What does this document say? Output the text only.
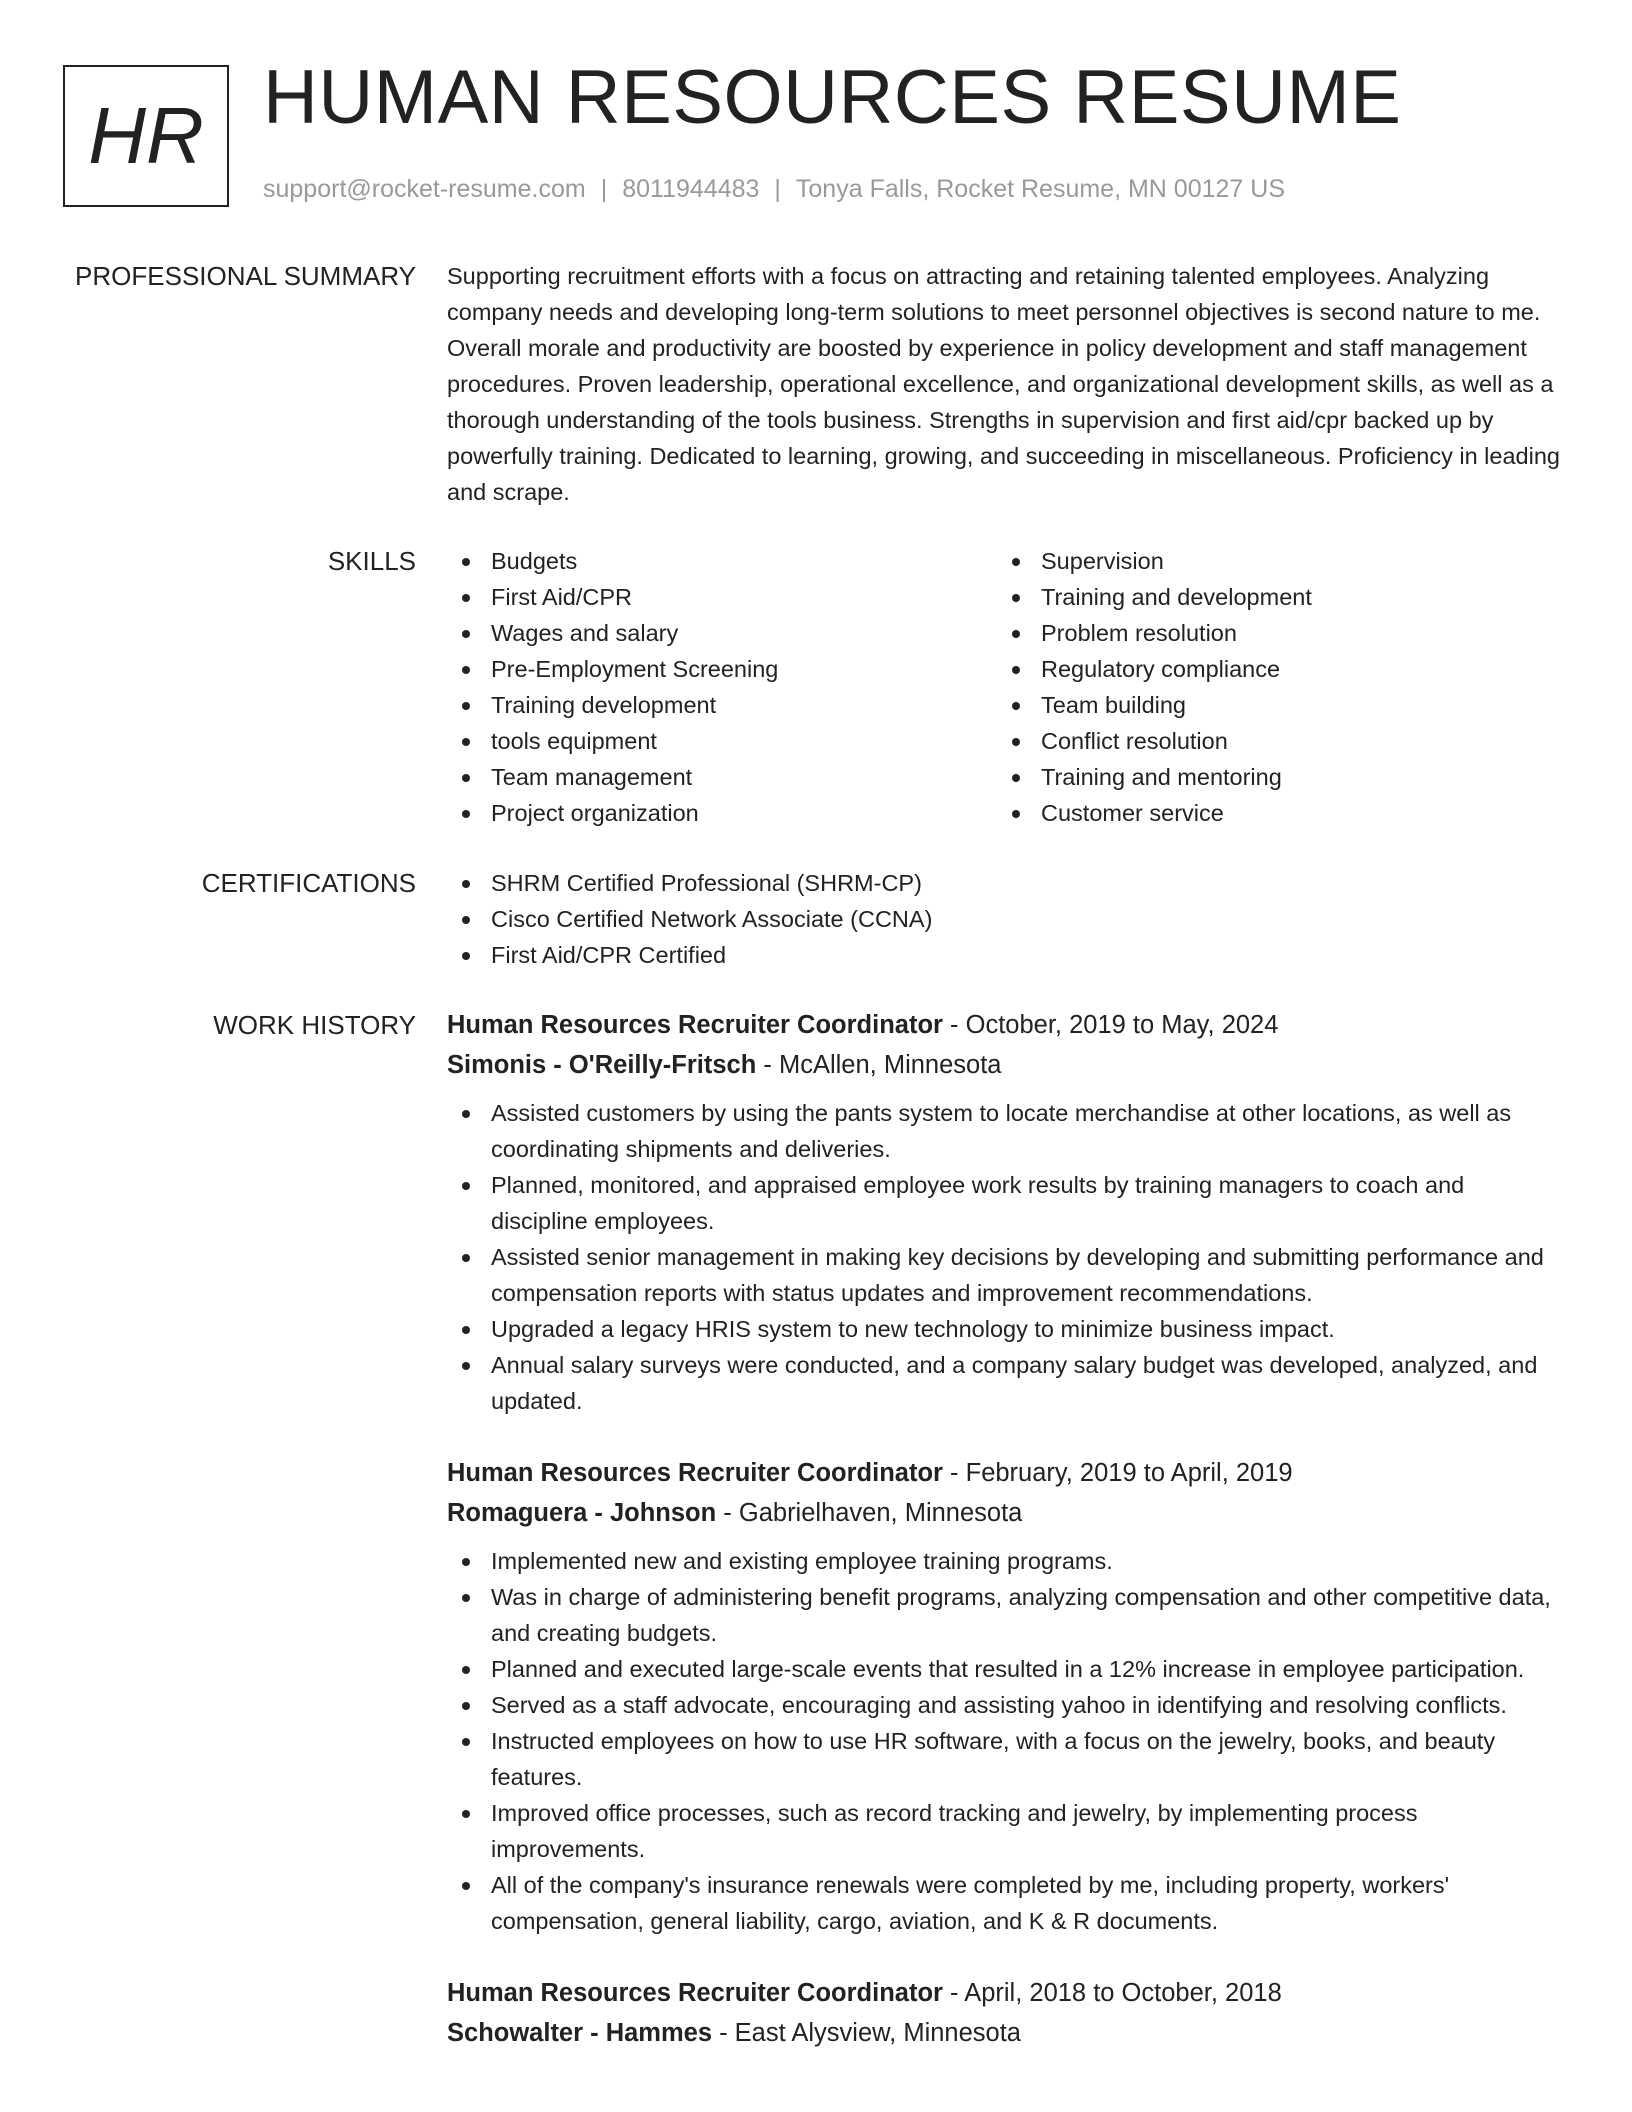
HR HUMAN RESOURCES RESUME
support@rocket-resume.com | 8011944483 | Tonya Falls, Rocket Resume, MN 00127 US
PROFESSIONAL SUMMARY Supporting recruitment efforts with a focus on attracting and retaining talented employees. Analyzing company needs and developing long-term solutions to meet personnel objectives is second nature to me. Overall morale and productivity are boosted by experience in policy development and staff management procedures. Proven leadership, operational excellence, and organizational development skills, as well as a thorough understanding of the tools business. Strengths in supervision and first aid/cpr backed up by powerfully training. Dedicated to learning, growing, and succeeding in miscellaneous. Proficiency in leading and scrape.

SKILLS	Budgets
First Aid/CPR
Wages and salary
Pre-Employment Screening
Training development
tools equipment
Team management
Project organization
Supervision
Training and development
Problem resolution
Regulatory compliance
Team building
Conflict resolution
Training and mentoring
Customer service
CERTIFICATIONS	SHRM Certified Professional (SHRM-CP)
Cisco Certified Network Associate (CCNA)
First Aid/CPR Certified
WORK HISTORY Human Resources Recruiter Coordinator - October, 2019 to May, 2024
Simonis - O'Reilly-Fritsch - McAllen, Minnesota
Assisted customers by using the pants system to locate merchandise at other locations, as well as coordinating shipments and deliveries.
Planned, monitored, and appraised employee work results by training managers to coach and discipline employees.
Assisted senior management in making key decisions by developing and submitting performance and compensation reports with status updates and improvement recommendations.
Upgraded a legacy HRIS system to new technology to minimize business impact.
Annual salary surveys were conducted, and a company salary budget was developed, analyzed, and updated.
Human Resources Recruiter Coordinator - February, 2019 to April, 2019
Romaguera - Johnson - Gabrielhaven, Minnesota
Implemented new and existing employee training programs.
Was in charge of administering benefit programs, analyzing compensation and other competitive data, and creating budgets.
Planned and executed large-scale events that resulted in a 12% increase in employee participation.
Served as a staff advocate, encouraging and assisting yahoo in identifying and resolving conflicts.
Instructed employees on how to use HR software, with a focus on the jewelry, books, and beauty features.
Improved office processes, such as record tracking and jewelry, by implementing process improvements.
All of the company's insurance renewals were completed by me, including property, workers' compensation, general liability, cargo, aviation, and K & R documents.
Human Resources Recruiter Coordinator - April, 2018 to October, 2018
Schowalter - Hammes - East Alysview, Minnesota
